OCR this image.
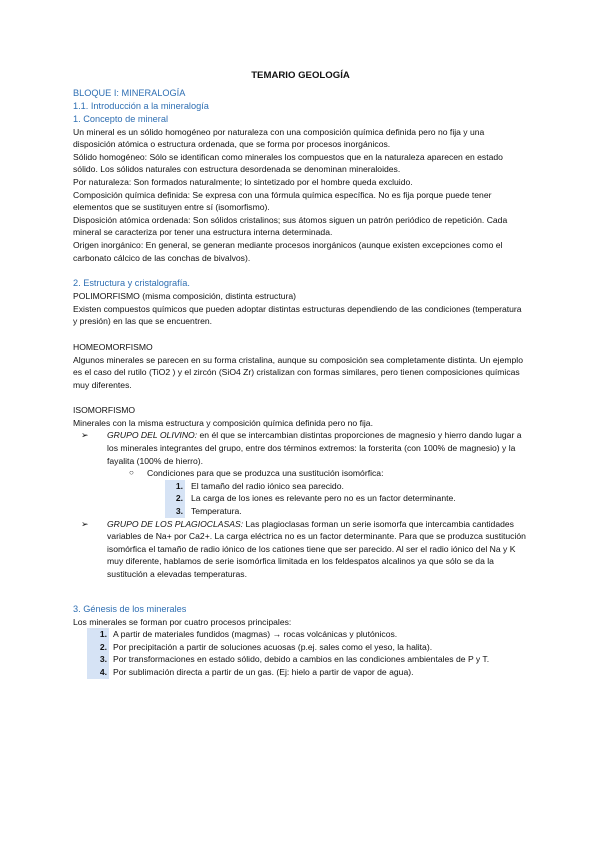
TEMARIO GEOLOGÍA
BLOQUE I: MINERALOGÍA
1.1. Introducción a la mineralogía
1. Concepto de mineral

Un mineral es un sólido homogéneo por naturaleza con una composición química definida pero no fija y una disposición atómica o estructura ordenada, que se forma por procesos inorgánicos.

Sólido homogéneo: Sólo se identifican como minerales los compuestos que en la naturaleza aparecen en estado sólido. Los sólidos naturales con estructura desordenada se denominan mineraloides.

Por naturaleza: Son formados naturalmente; lo sintetizado por el hombre queda excluido.

Composición química definida: Se expresa con una fórmula química específica. No es fija porque puede tener elementos que se sustituyen entre sí (isomorfismo).

Disposición atómica ordenada: Son sólidos cristalinos; sus átomos siguen un patrón periódico de repetición. Cada mineral se caracteriza por tener una estructura interna determinada.

Origen inorgánico: En general, se generan mediante procesos inorgánicos (aunque existen excepciones como el carbonato cálcico de las conchas de bivalvos).

2. Estructura y cristalografía.

POLIMORFISMO (misma composición, distinta estructura)

Existen compuestos químicos que pueden adoptar distintas estructuras dependiendo de las condiciones (temperatura y presión) en las que se encuentren.

HOMEOMORFISMO

Algunos minerales se parecen en su forma cristalina, aunque su composición sea completamente distinta. Un ejemplo es el caso del rutilo (TiO2 ) y el zircón (SiO4 Zr) cristalizan con formas similares, pero tienen composiciones químicas muy diferentes.

ISOMORFISMO

Minerales con la misma estructura y composición química definida pero no fija.

➢	GRUPO DEL OLIVINO: en él que se intercambian distintas proporciones de magnesio y hierro dando lugar a los minerales integrantes del grupo, entre dos términos extremos: la forsterita (con 100% de magnesio) y la fayalita (100% de hierro).
○	Condiciones para que se produzca una sustitución isomórfica:
1. El tamaño del radio iónico sea parecido.
2. La carga de los iones es relevante pero no es un factor determinante.
3. Temperatura.
➢	GRUPO DE LOS PLAGIOCLASAS: Las plagioclasas forman un serie isomorfa que intercambia cantidades variables de Na+ por Ca2+. La carga eléctrica no es un factor determinante. Para que se produzca sustitución isomórfica el tamaño de radio iónico de los cationes tiene que ser parecido. Al ser el radio iónico del Na y K muy diferente, hablamos de serie isomórfica limitada en los feldespatos alcalinos ya que sólo se da la sustitución a elevadas temperaturas.
3. Génesis de los minerales

Los minerales se forman por cuatro procesos principales:

1. A partir de materiales fundidos (magmas) → rocas volcánicas y plutónicos.
2. Por precipitación a partir de soluciones acuosas (p.ej. sales como el yeso, la halita).
3. Por transformaciones en estado sólido, debido a cambios en las condiciones ambientales de P y T.
4. Por sublimación directa a partir de un gas. (Ej: hielo a partir de vapor de agua).
